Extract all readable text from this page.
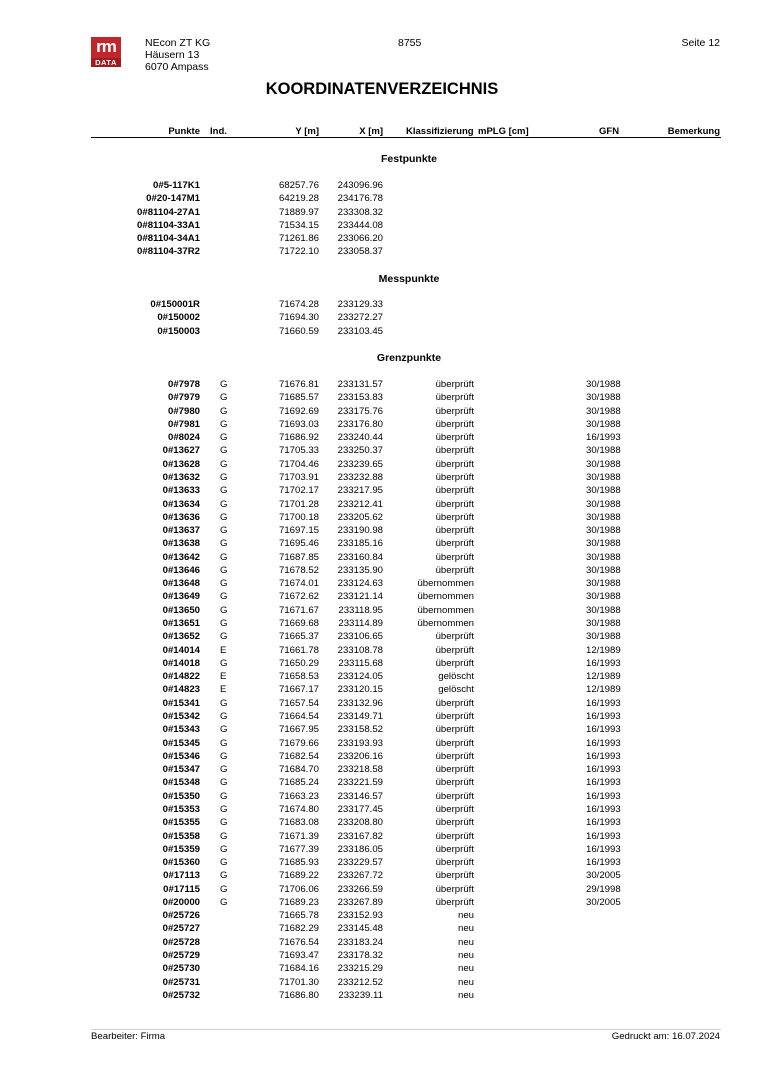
rm
DATA
NEcon ZT KG
Häusern 13
6070 Ampass
8755	Seite 12
KOORDINATENVERZEICHNIS
Punkte Ind.	Y [m]	X [m] Klassifizierung mPLG [cm]	GFN	Bemerkung
Festpunkte
0#5-117K1	68257.76 243096.96
0#20-147M1	64219.28 234176.78
0#81104-27A1	71889.97 233308.32
0#81104-33A1	71534.15 233444.08
0#81104-34A1	71261.86 233066.20
0#81104-37R2	71722.10 233058.37
Messpunkte
0#150001R	71674.28 233129.33
0#150002	71694.30 233272.27
0#150003	71660.59 233103.45
Grenzpunkte
0#7978 G	71676.81 233131.57	überprüft	30/1988
0#7979 G	71685.57 233153.83	überprüft	30/1988
0#7980 G	71692.69 233175.76	überprüft	30/1988
0#7981 G	71693.03 233176.80	überprüft	30/1988
0#8024 G	71686.92 233240.44	überprüft	16/1993
0#13627 G	71705.33 233250.37	überprüft	30/1988
0#13628 G	71704.46 233239.65	überprüft	30/1988
0#13632 G	71703.91 233232.88	überprüft	30/1988
0#13633 G	71702.17 233217.95	überprüft	30/1988
0#13634 G	71701.28 233212.41	überprüft	30/1988
0#13636 G	71700.18 233205.62	überprüft	30/1988
0#13637 G	71697.15 233190.98	überprüft	30/1988
0#13638 G	71695.46 233185.16	überprüft	30/1988
0#13642 G	71687.85 233160.84	überprüft	30/1988
0#13646 G	71678.52 233135.90	überprüft	30/1988
0#13648 G	71674.01 233124.63	übernommen	30/1988
0#13649 G	71672.62 233121.14	übernommen	30/1988
0#13650 G	71671.67 233118.95	übernommen	30/1988
0#13651 G	71669.68 233114.89	übernommen	30/1988
0#13652 G	71665.37 233106.65	überprüft	30/1988
0#14014 E	71661.78 233108.78	überprüft	12/1989
0#14018 G	71650.29 233115.68	überprüft	16/1993
0#14822 E	71658.53 233124.05	gelöscht	12/1989
0#14823 E	71667.17 233120.15	gelöscht	12/1989
0#15341 G	71657.54 233132.96	überprüft	16/1993
0#15342 G	71664.54 233149.71	überprüft	16/1993
0#15343 G	71667.95 233158.52	überprüft	16/1993
0#15345 G	71679.66 233193.93	überprüft	16/1993
0#15346 G	71682.54 233206.16	überprüft	16/1993
0#15347 G	71684.70 233218.58	überprüft	16/1993
0#15348 G	71685.24 233221.59	überprüft	16/1993
0#15350 G	71663.23 233146.57	überprüft	16/1993
0#15353 G	71674.80 233177.45	überprüft	16/1993
0#15355 G	71683.08 233208.80	überprüft	16/1993
0#15358 G	71671.39 233167.82	überprüft	16/1993
0#15359 G	71677.39 233186.05	überprüft	16/1993
0#15360 G	71685.93 233229.57	überprüft	16/1993
0#17113 G	71689.22 233267.72	überprüft	30/2005
0#17115 G	71706.06 233266.59	überprüft	29/1998
0#20000 G	71689.23 233267.89	überprüft	30/2005
0#25726	71665.78 233152.93	neu
0#25727	71682.29 233145.48	neu
0#25728	71676.54 233183.24	neu
0#25729	71693.47 233178.32	neu
0#25730	71684.16 233215.29	neu
0#25731	71701.30 233212.52	neu
0#25732	71686.80 233239.11	neu
Bearbeiter: Firma	Gedruckt am: 16.07.2024
